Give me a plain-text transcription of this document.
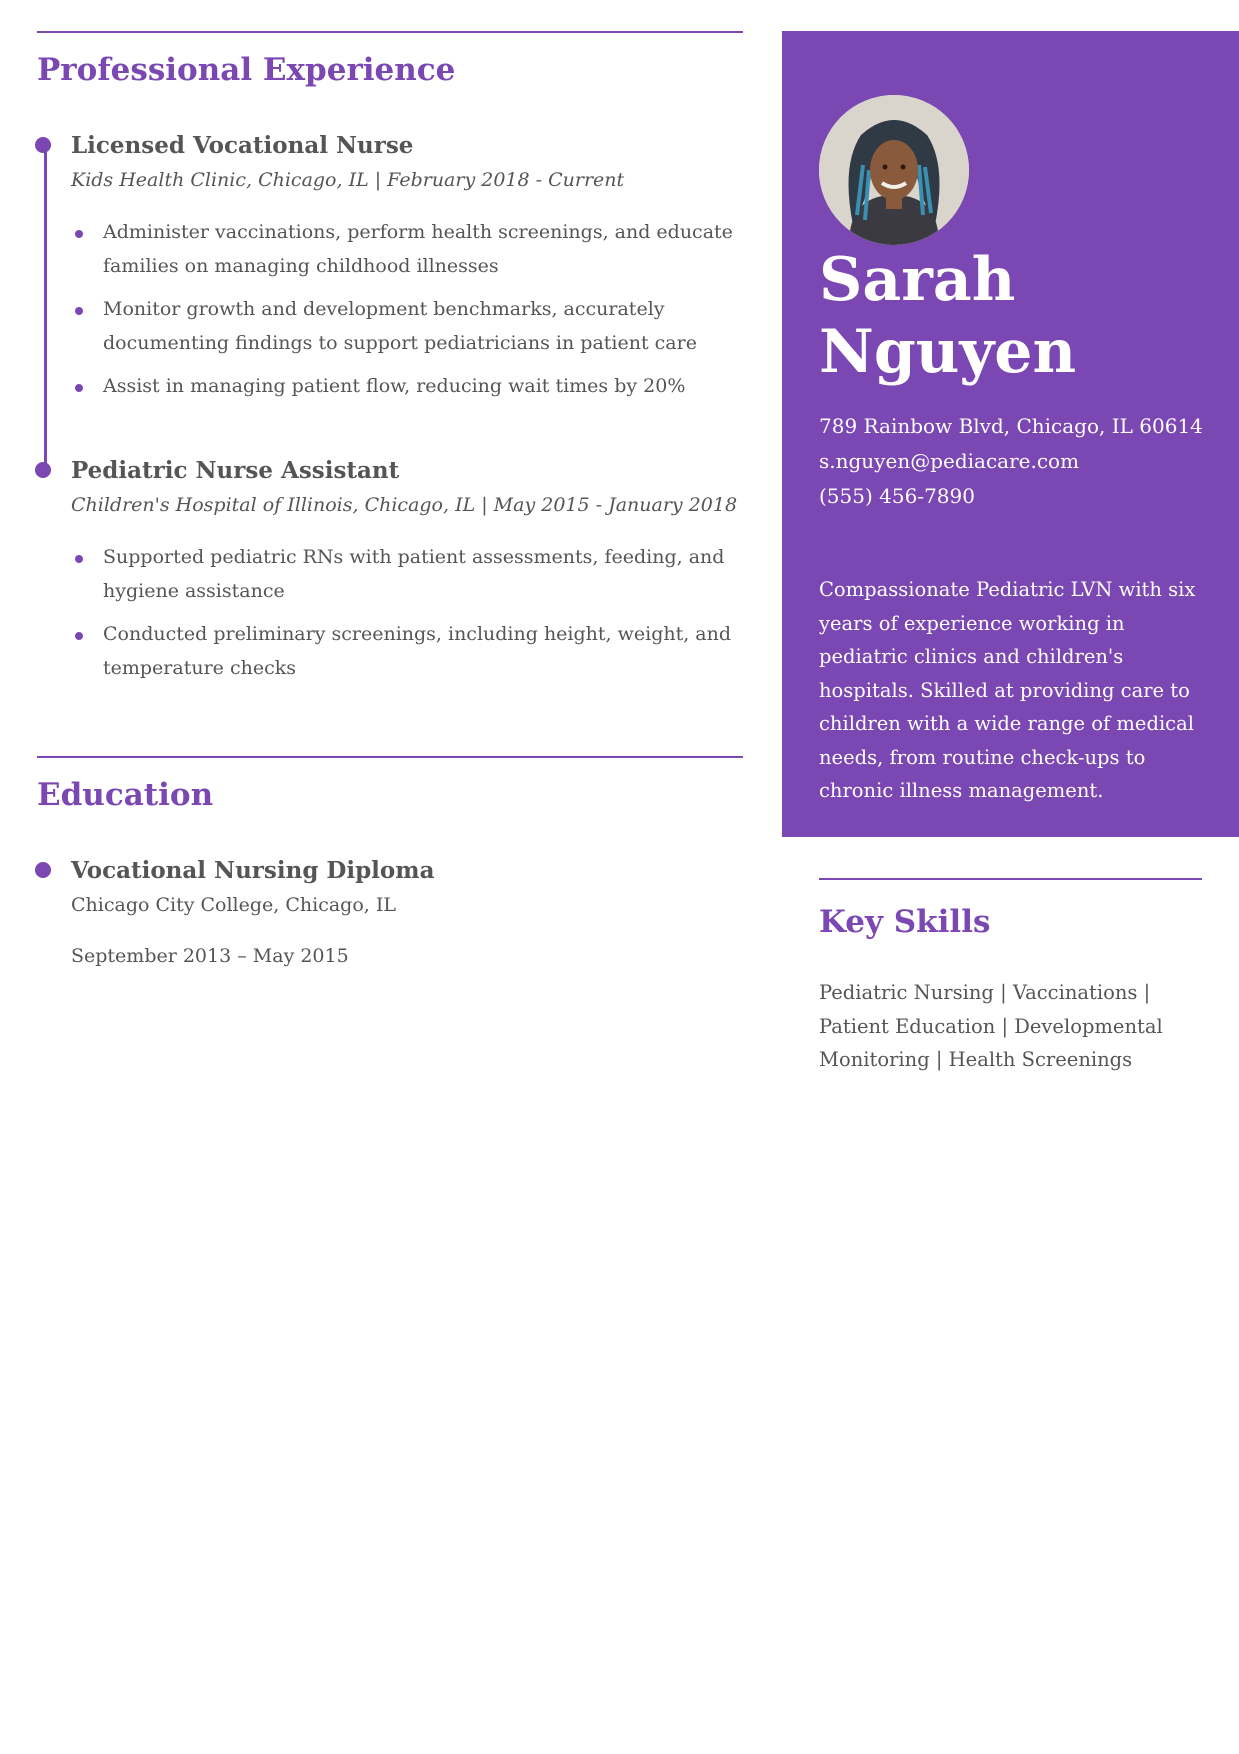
Professional Experience
Licensed Vocational Nurse
Kids Health Clinic, Chicago, IL | February 2018 - Current
Administer vaccinations, perform health screenings, and educate families on managing childhood illnesses
Monitor growth and development benchmarks, accurately documenting findings to support pediatricians in patient care
Assist in managing patient flow, reducing wait times by 20%
Pediatric Nurse Assistant
Children's Hospital of Illinois, Chicago, IL | May 2015 - January 2018
Supported pediatric RNs with patient assessments, feeding, and hygiene assistance
Conducted preliminary screenings, including height, weight, and temperature checks
Education
Vocational Nursing Diploma
Chicago City College, Chicago, IL
September 2013 – May 2015
Sarah
Nguyen
789 Rainbow Blvd, Chicago, IL 60614
s.nguyen@pediacare.com
(555) 456-7890
Compassionate Pediatric LVN with six years of experience working in pediatric clinics and children's hospitals. Skilled at providing care to children with a wide range of medical needs, from routine check-ups to chronic illness management.
Key Skills
Pediatric Nursing | Vaccinations | Patient Education | Developmental Monitoring | Health Screenings
